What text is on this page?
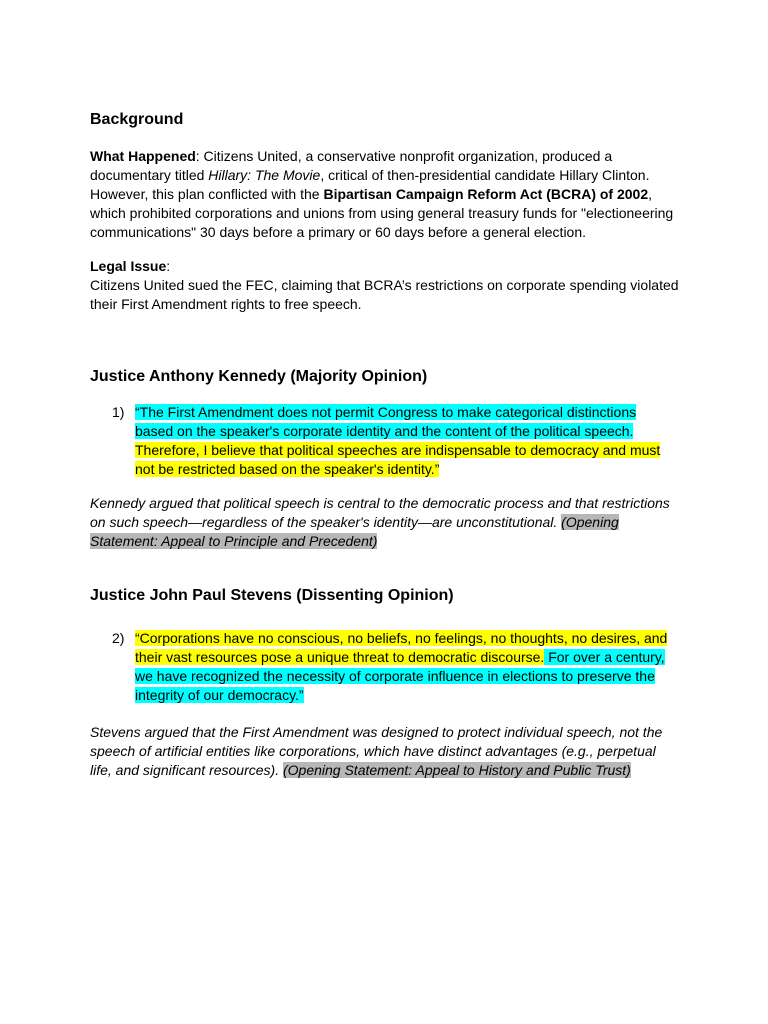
Background

What Happened: Citizens United, a conservative nonprofit organization, produced a documentary titled Hillary: The Movie, critical of then-presidential candidate Hillary Clinton. However, this plan conflicted with the Bipartisan Campaign Reform Act (BCRA) of 2002, which prohibited corporations and unions from using general treasury funds for "electioneering communications" 30 days before a primary or 60 days before a general election.

Legal Issue:
Citizens United sued the FEC, claiming that BCRA’s restrictions on corporate spending violated their First Amendment rights to free speech.

Justice Anthony Kennedy (Majority Opinion)
1) “The First Amendment does not permit Congress to make categorical distinctions based on the speaker's corporate identity and the content of the political speech. Therefore, I believe that political speeches are indispensable to democracy and must not be restricted based on the speaker's identity.”

Kennedy argued that political speech is central to the democratic process and that restrictions on such speech—regardless of the speaker's identity—are unconstitutional. (Opening Statement: Appeal to Principle and Precedent)

Justice John Paul Stevens (Dissenting Opinion)
2) “Corporations have no conscious, no beliefs, no feelings, no thoughts, no desires, and their vast resources pose a unique threat to democratic discourse. For over a century, we have recognized the necessity of corporate influence in elections to preserve the integrity of our democracy.”

Stevens argued that the First Amendment was designed to protect individual speech, not the speech of artificial entities like corporations, which have distinct advantages (e.g., perpetual life, and significant resources). (Opening Statement: Appeal to History and Public Trust)
